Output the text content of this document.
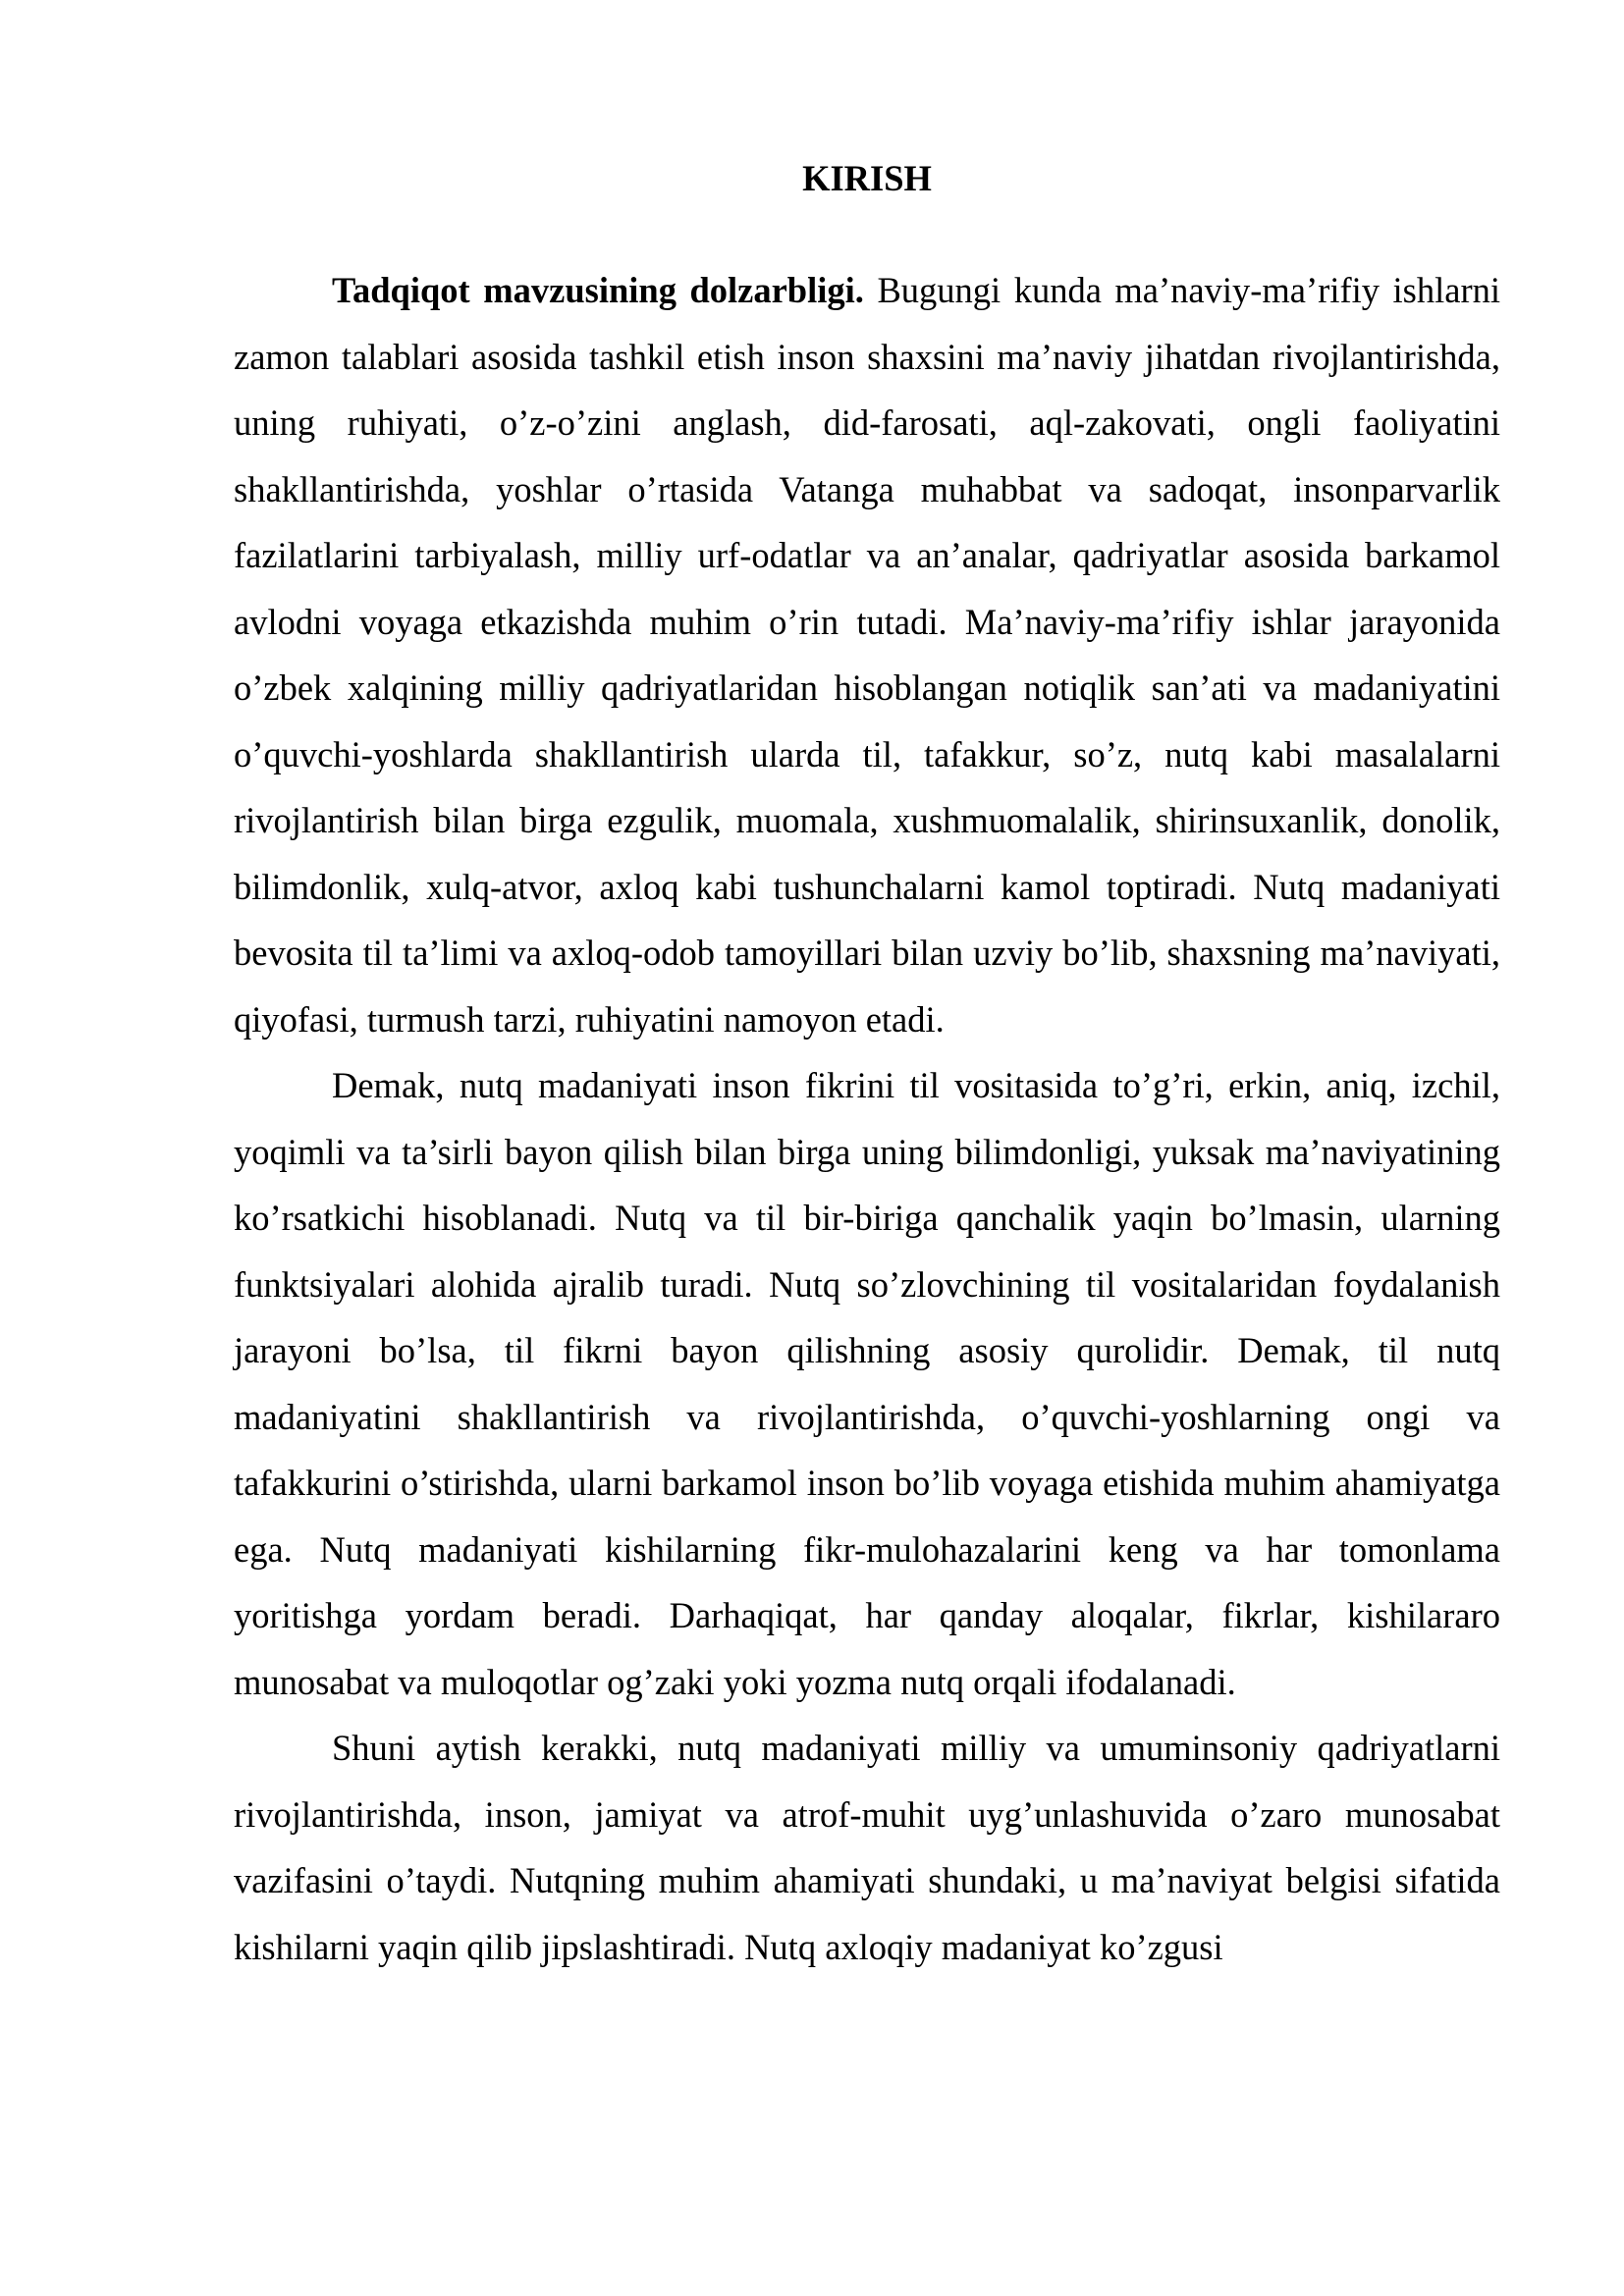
KIRISH

Tadqiqot mavzusining dolzarbligi. Bugungi kunda ma’naviy-ma’rifiy ishlarni zamon talablari asosida tashkil etish inson shaxsini ma’naviy jihatdan rivojlantirishda, uning ruhiyati, o’z-o’zini anglash, did-farosati, aql-zakovati, ongli faoliyatini shakllantirishda, yoshlar o’rtasida Vatanga muhabbat va sadoqat, insonparvarlik fazilatlarini tarbiyalash, milliy urf-odatlar va an’analar, qadriyatlar asosida barkamol avlodni voyaga etkazishda muhim o’rin tutadi. Ma’naviy-ma’rifiy ishlar jarayonida o’zbek xalqining milliy qadriyatlaridan hisoblangan notiqlik san’ati va madaniyatini o’quvchi-yoshlarda shakllantirish ularda til, tafakkur, so’z, nutq kabi masalalarni rivojlantirish bilan birga ezgulik, muomala, xushmuomalalik, shirinsuxanlik, donolik, bilimdonlik, xulq-atvor, axloq kabi tushunchalarni kamol toptiradi. Nutq madaniyati bevosita til ta’limi va axloq-odob tamoyillari bilan uzviy bo’lib, shaxsning ma’naviyati, qiyofasi, turmush tarzi, ruhiyatini namoyon etadi.

Demak, nutq madaniyati inson fikrini til vositasida to’g’ri, erkin, aniq, izchil, yoqimli va ta’sirli bayon qilish bilan birga uning bilimdonligi, yuksak ma’naviyatining ko’rsatkichi hisoblanadi. Nutq va til bir-biriga qanchalik yaqin bo’lmasin, ularning funktsiyalari alohida ajralib turadi. Nutq so’zlovchining til vositalaridan foydalanish jarayoni bo’lsa, til fikrni bayon qilishning asosiy qurolidir. Demak, til nutq madaniyatini shakllantirish va rivojlantirishda, o’quvchi-yoshlarning ongi va tafakkurini o’stirishda, ularni barkamol inson bo’lib voyaga etishida muhim ahamiyatga ega. Nutq madaniyati kishilarning fikr-mulohazalarini keng va har tomonlama yoritishga yordam beradi. Darhaqiqat, har qanday aloqalar, fikrlar, kishilararo munosabat va muloqotlar og’zaki yoki yozma nutq orqali ifodalanadi.

Shuni aytish kerakki, nutq madaniyati milliy va umuminsoniy qadriyatlarni rivojlantirishda, inson, jamiyat va atrof-muhit uyg’unlashuvida o’zaro munosabat vazifasini o’taydi. Nutqning muhim ahamiyati shundaki, u ma’naviyat belgisi sifatida kishilarni yaqin qilib jipslashtiradi. Nutq axloqiy madaniyat ko’zgusi
